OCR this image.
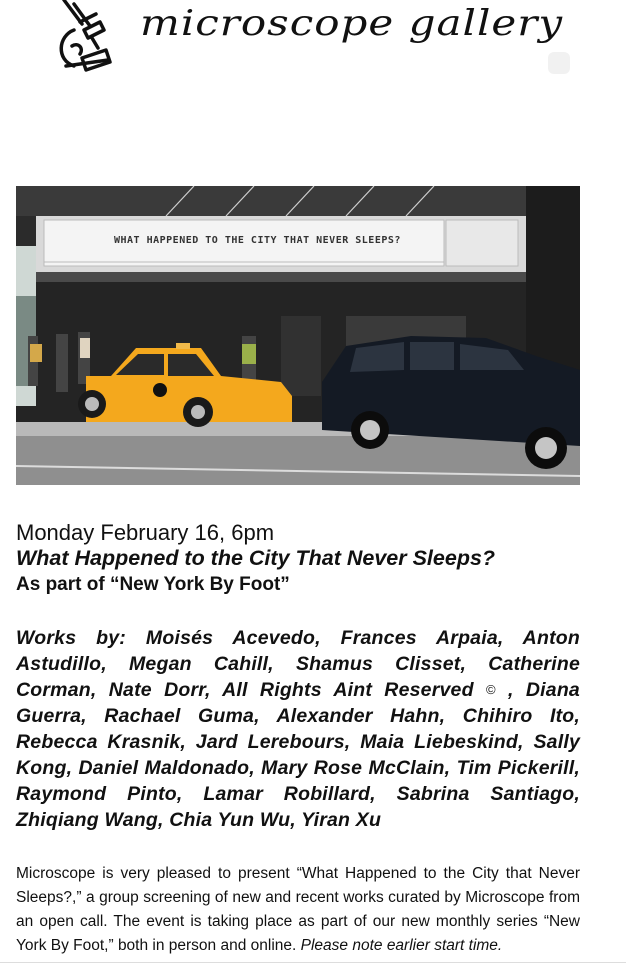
microscope gallery
WHAT HAPPENED TO THE CITY THAT NEVER SLEEPS?
Monday February 16, 6pm
What Happened to the City That Never Sleeps?
As part of “New York By Foot”
Works by: Moisés Acevedo, Frances Arpaia, Anton Astudillo, Megan Cahill, Shamus Clisset, Catherine Corman, Nate Dorr, All Rights Aint Reserved © , Diana Guerra, Rachael Guma, Alexander Hahn, Chihiro Ito, Rebecca Krasnik, Jard Lerebours, Maia Liebeskind, Sally Kong, Daniel Maldonado, Mary Rose McClain, Tim Pickerill, Raymond Pinto, Lamar Robillard, Sabrina Santiago, Zhiqiang Wang, Chia Yun Wu, Yiran Xu
Microscope is very pleased to present “What Happened to the City that Never Sleeps?,” a group screening of new and recent works curated by Microscope from an open call. The event is taking place as part of our new monthly series “New York By Foot,” both in person and online. Please note earlier start time.
